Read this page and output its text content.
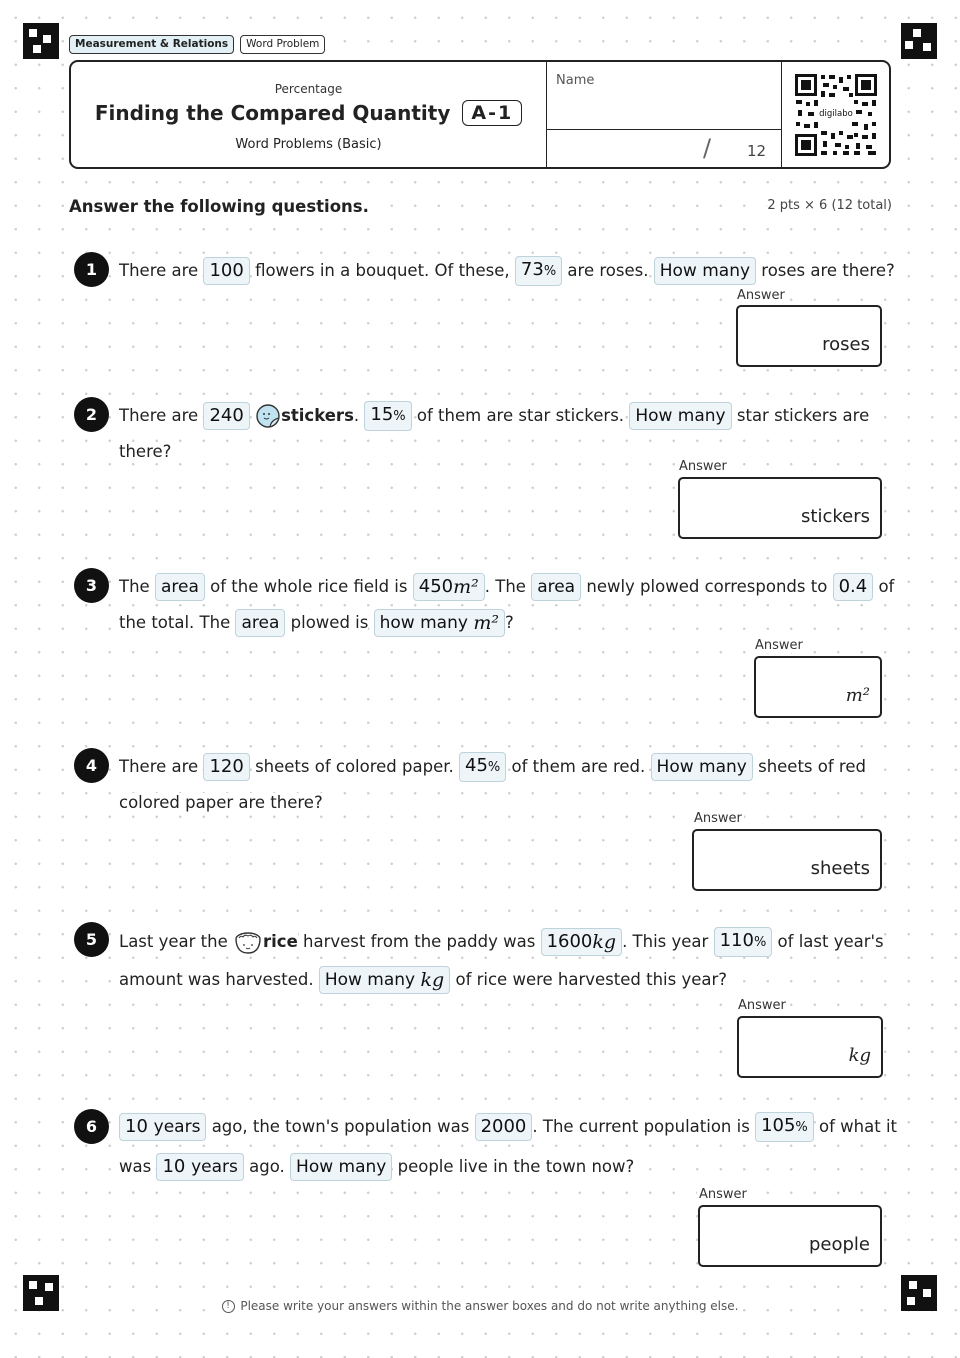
Measurement & Relations	Word Problem
Percentage
Finding the Compared Quantity	A-1
Word Problems (Basic)
Name
/ 12
digilabo
Answer the following questions.	2 pts × 6 (12 total)
1	There are 100 flowers in a bouquet. Of these, 73% are roses. How many roses are there?
Answer
roses
2	There are 240 stickers. 15% of them are star stickers. How many star stickers are
there?
Answer
stickers
3	The area of the whole rice field is 450m² . The area newly plowed corresponds to 0.4 of
the total. The area plowed is how many m² ?
Answer
m²
4	There are 120 sheets of colored paper. 45% of them are red. How many sheets of red
colored paper are there?
Answer
sheets
5	Last year the rice harvest from the paddy was 1600kg . This year 110% of last year's
amount was harvested. How many kg of rice were harvested this year?
Answer
kg
6	10 years ago, the town's population was 2000 . The current population is 105% of what it
was 10 years ago. How many people live in the town now?
Answer
people
! Please write your answers within the answer boxes and do not write anything else.
